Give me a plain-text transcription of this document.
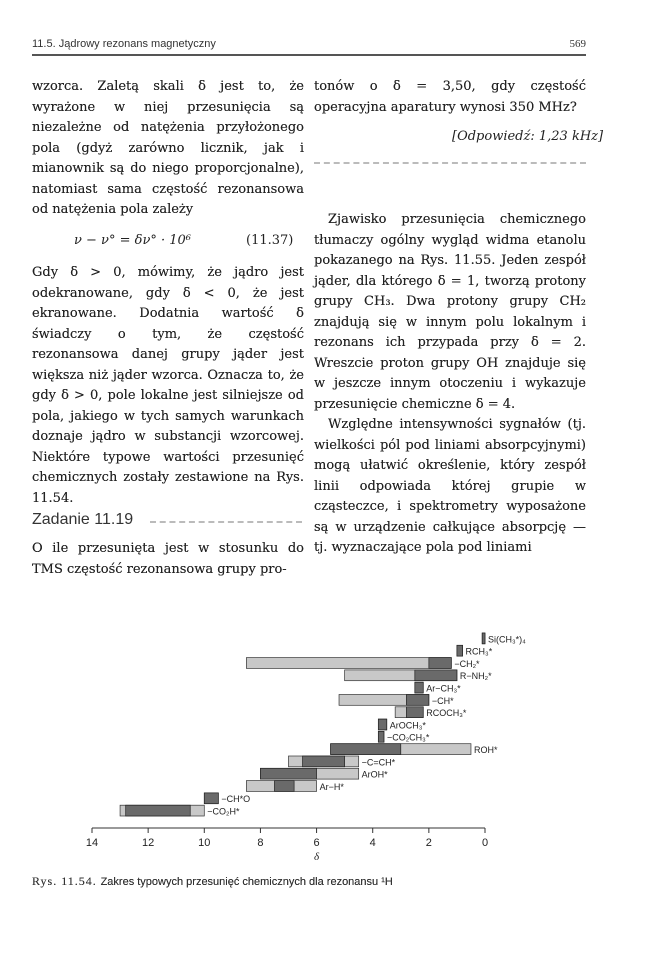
11.5. Jądrowy rezonans magnetyczny	569

wzorca. Zaletą skali δ jest to, że wyrażone w niej przesunięcia są niezależne od natężenia przyłożonego pola (gdyż zarówno licznik, jak i mianownik są do niego proporcjonalne), natomiast sama częstość rezonansowa od natężenia pola zależy

ν − ν° = δν° · 10⁶	(11.37)

Gdy δ > 0, mówimy, że jądro jest odekranowane, gdy δ < 0, że jest ekranowane. Dodatnia wartość δ świadczy o tym, że częstość rezonansowa danej grupy jąder jest większa niż jąder wzorca. Oznacza to, że gdy δ > 0, pole lokalne jest silniejsze od pola, jakiego w tych samych warunkach doznaje jądro w substancji wzorcowej. Niektóre typowe wartości przesunięć chemicznych zostały zestawione na Rys. 11.54.

Zadanie 11.19

O ile przesunięta jest w stosunku do TMS częstość rezonansowa grupy pro-

tonów o δ = 3,50, gdy częstość operacyjna aparatury wynosi 350 MHz?

[Odpowiedź: 1,23 kHz]

Zjawisko przesunięcia chemicznego tłumaczy ogólny wygląd widma etanolu pokazanego na Rys. 11.55. Jeden zespół jąder, dla którego δ = 1, tworzą protony grupy CH₃. Dwa protony grupy CH₂ znajdują się w innym polu lokalnym i rezonans ich przypada przy δ = 2. Wreszcie proton grupy OH znajduje się w jeszcze innym otoczeniu i wykazuje przesunięcie chemiczne δ = 4.

Względne intensywności sygnałów (tj. wielkości pól pod liniami absorpcyjnymi) mogą ułatwić określenie, który zespół linii odpowiada której grupie w cząsteczce, i spektrometry wyposażone są w urządzenie całkujące absorpcję — tj. wyznaczające pola pod liniami

Si(CH₃*)₄
RCH₃*
−CH₂*
R−NH₂*
Ar−CH₃*
−CH*
RCOCH₃*
ArOCH₃*
−CO₂CH₃*
ROH*
−C=CH*
ArOH*
Ar−H*
−CH*O
−CO₂H*
14	12	10	8	6	4	2	0
δ
Rys. 11.54. Zakres typowych przesunięć chemicznych dla rezonansu ¹H
